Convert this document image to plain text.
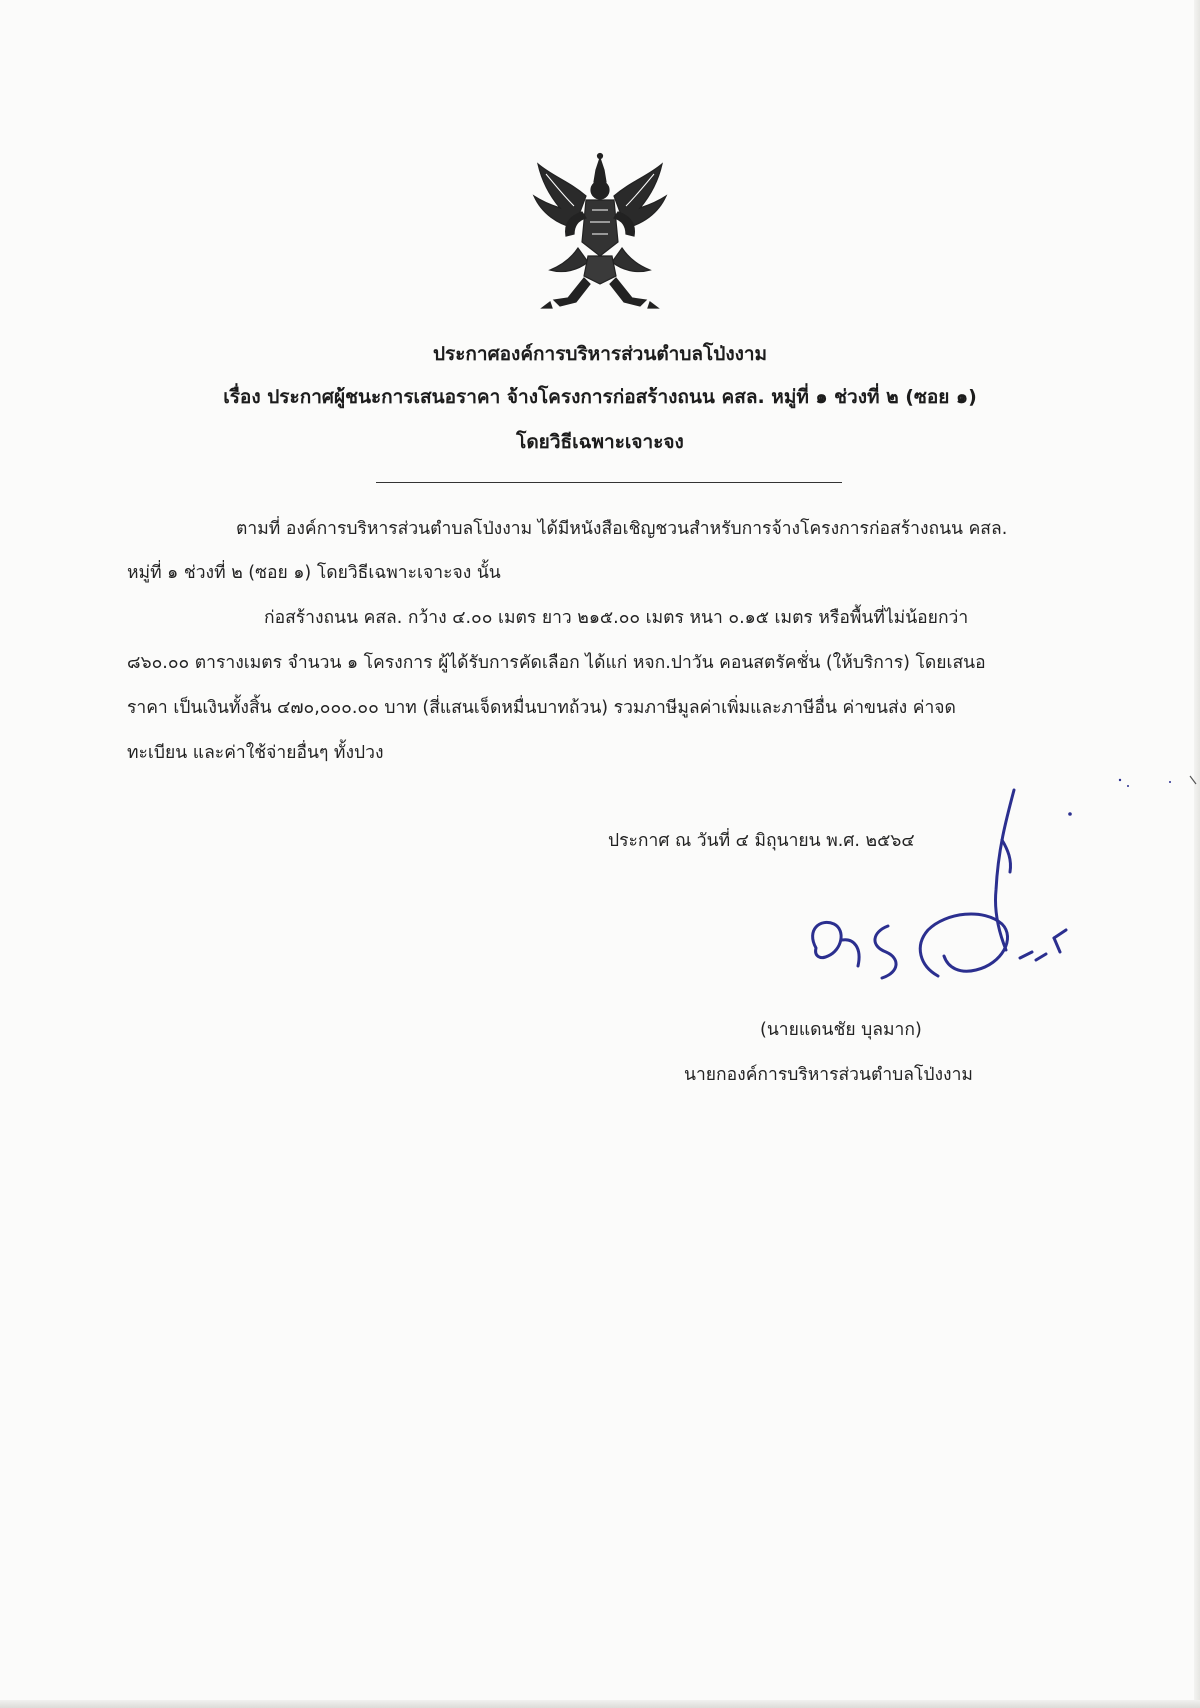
ประกาศองค์การบริหารส่วนตำบลโป่งงาม
เรื่อง ประกาศผู้ชนะการเสนอราคา จ้างโครงการก่อสร้างถนน คสล. หมู่ที่ ๑ ช่วงที่ ๒ (ซอย ๑)
โดยวิธีเฉพาะเจาะจง
ตามที่ องค์การบริหารส่วนตำบลโป่งงาม ได้มีหนังสือเชิญชวนสำหรับการจ้างโครงการก่อสร้างถนน คสล.
หมู่ที่ ๑ ช่วงที่ ๒ (ซอย ๑) โดยวิธีเฉพาะเจาะจง นั้น
ก่อสร้างถนน คสล. กว้าง ๔.๐๐ เมตร ยาว ๒๑๕.๐๐ เมตร หนา ๐.๑๕ เมตร หรือพื้นที่ไม่น้อยกว่า
๘๖๐.๐๐ ตารางเมตร จำนวน ๑ โครงการ ผู้ได้รับการคัดเลือก ได้แก่ หจก.ปาวัน คอนสตรัคชั่น (ให้บริการ) โดยเสนอ
ราคา เป็นเงินทั้งสิ้น ๔๗๐,๐๐๐.๐๐ บาท (สี่แสนเจ็ดหมื่นบาทถ้วน) รวมภาษีมูลค่าเพิ่มและภาษีอื่น ค่าขนส่ง ค่าจด
ทะเบียน และค่าใช้จ่ายอื่นๆ ทั้งปวง
ประกาศ ณ วันที่ ๔ มิถุนายน พ.ศ. ๒๕๖๔
(นายแดนชัย บุลมาก)
นายกองค์การบริหารส่วนตำบลโป่งงาม
